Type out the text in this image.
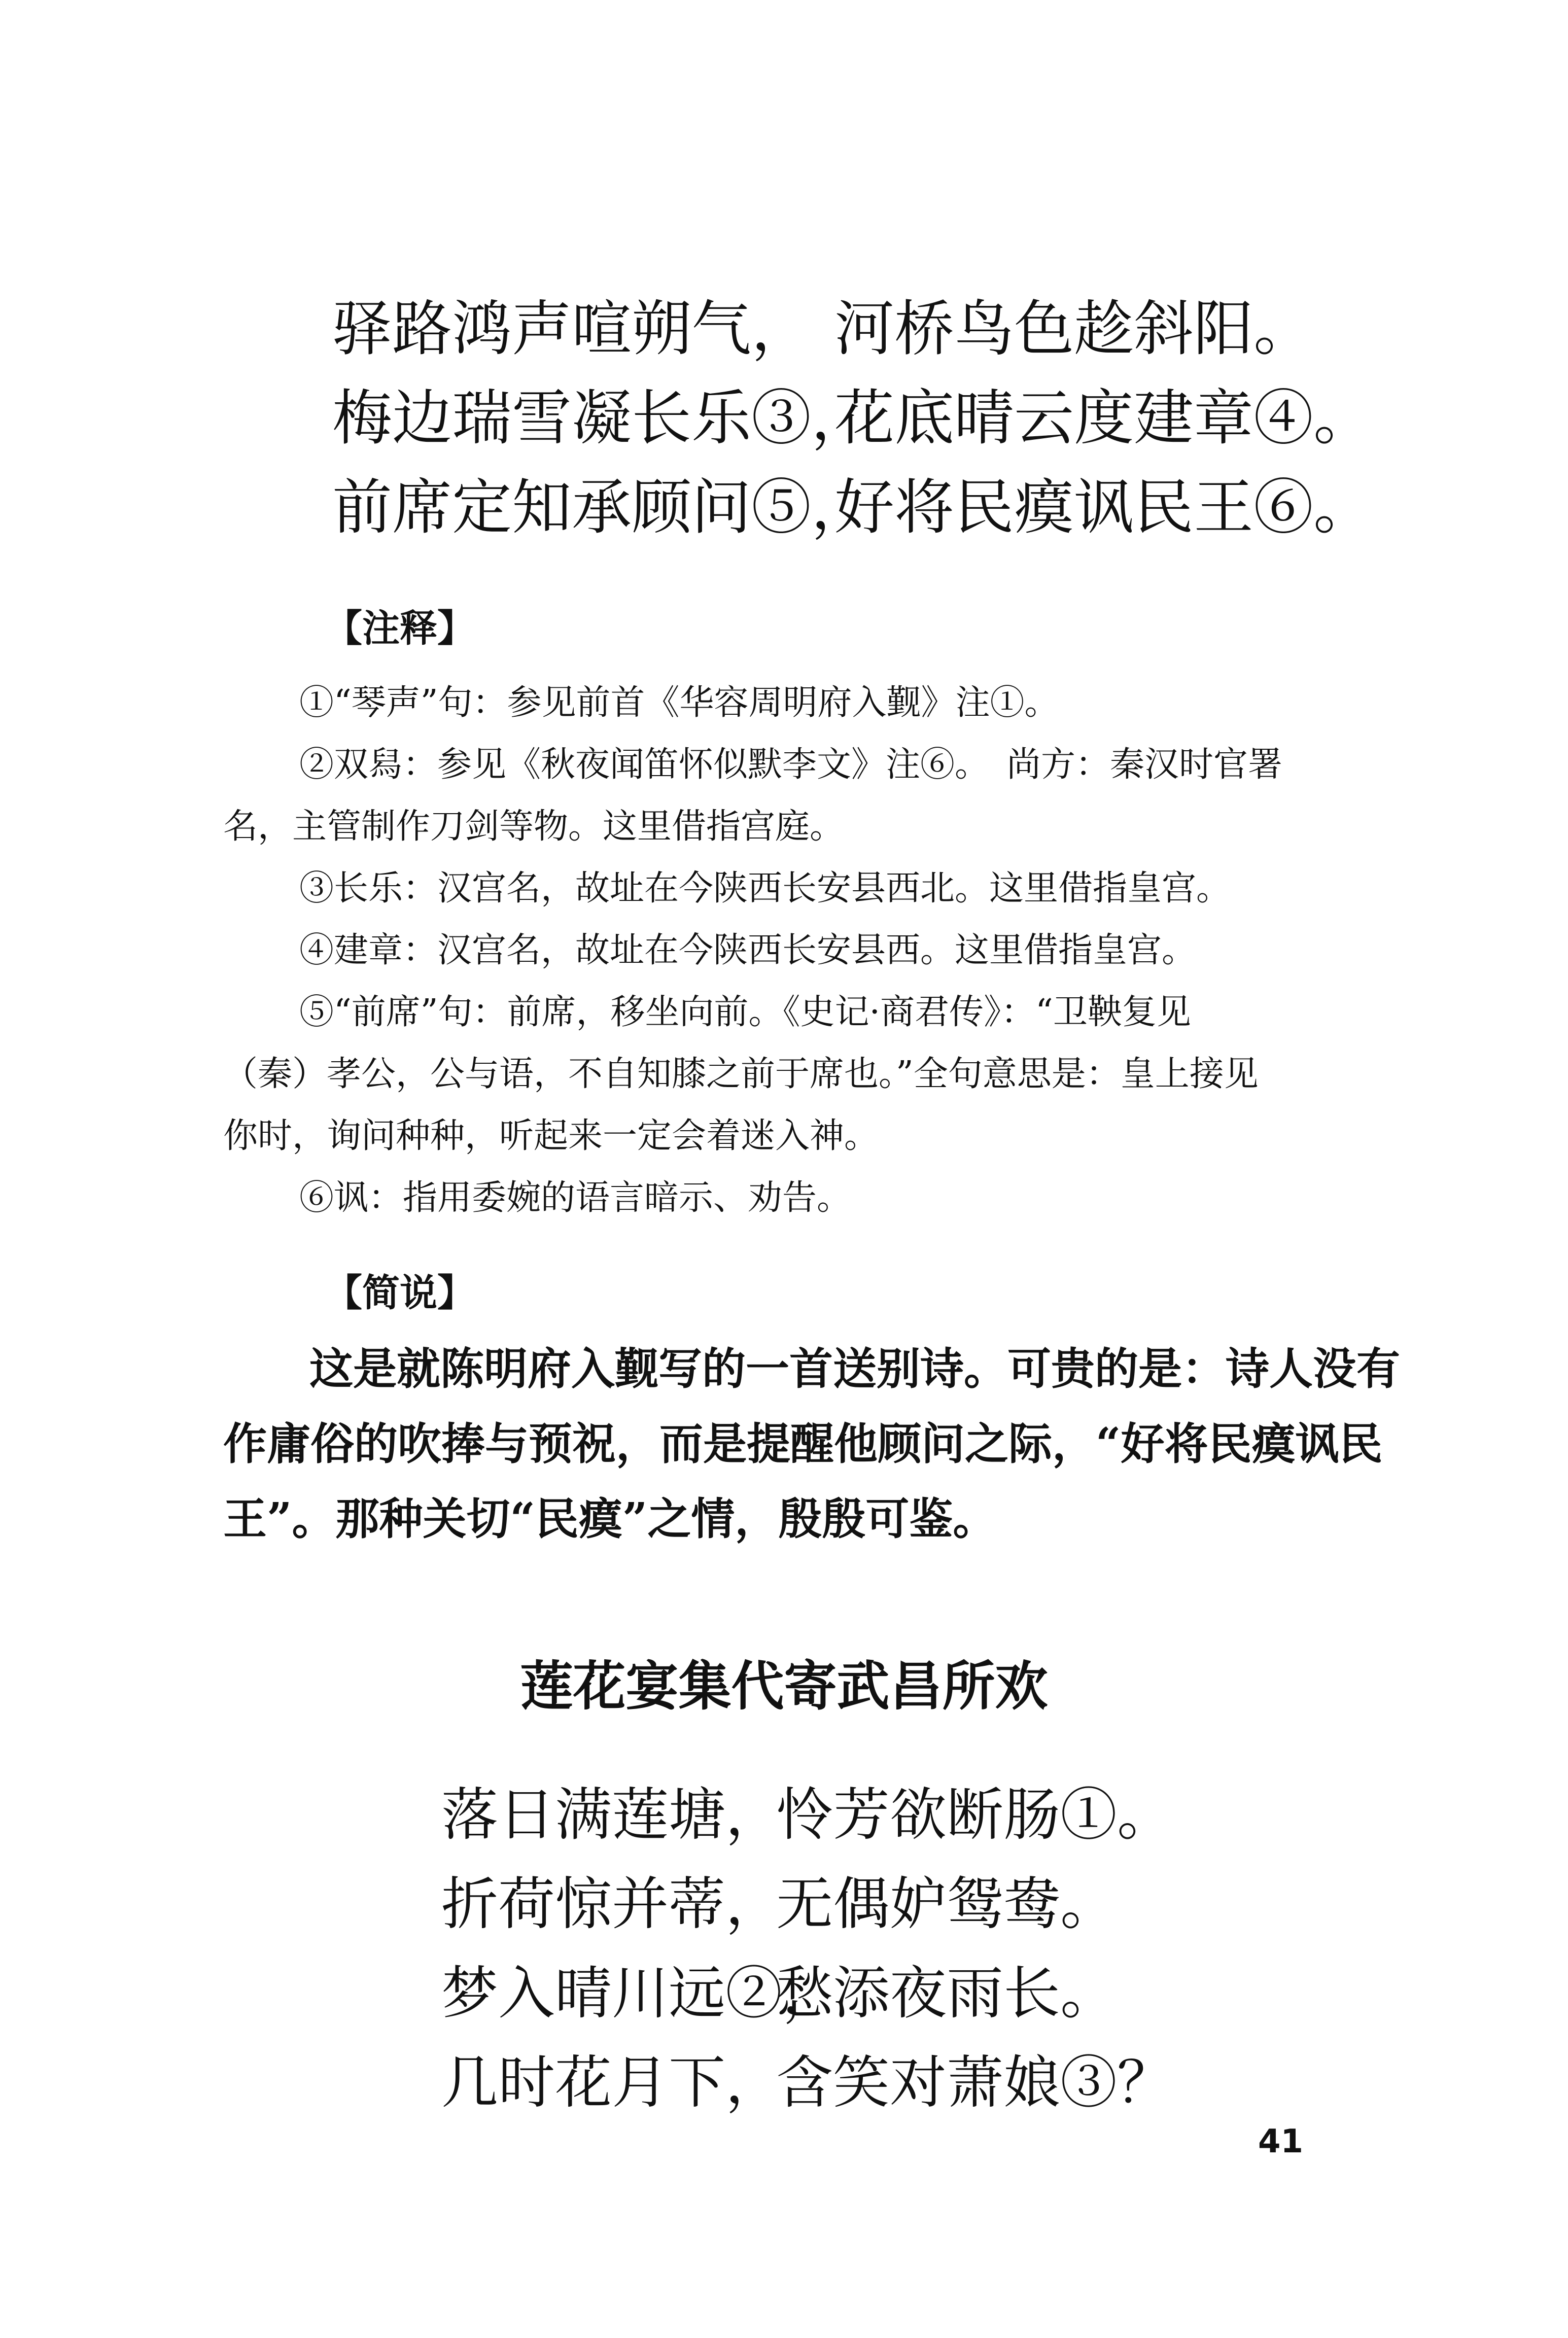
驿路鸿声喧朔气， 河桥鸟色趁斜阳。
梅边瑞雪凝长乐③，
花底晴云度建章④。
前席定知承顾问⑤，
好将民瘼讽民王⑥。
【注释】
①“琴声”句：参见前首《华容周明府入觐》注①。
②双舄：参见《秋夜闻笛怀似默李文》注⑥。　尚方：秦汉时官署
名，主管制作刀剑等物。这里借指宫庭。
③长乐：汉宫名，故址在今陕西长安县西北。这里借指皇宫。
④建章：汉宫名，故址在今陕西长安县西。这里借指皇宫。
⑤“前席”句：前席，移坐向前。《史记·商君传》：“卫鞅复见
（秦）孝公，公与语，不自知膝之前于席也。”全句意思是：皇上接见
你时，询问种种，听起来一定会着迷入神。
⑥讽：指用委婉的语言暗示、劝告。
【简说】

这是就陈明府入觐写的一首送别诗。可贵的是：诗人没有

作庸俗的吹捧与预祝，而是提醒他顾问之际，“好将民瘼讽民

王”。那种关切“民瘼”之情，殷殷可鉴。

莲花宴集代寄武昌所欢
落日满莲塘，
怜芳欲断肠①。
折荷惊并蒂，
无偶妒鸳鸯。
梦入晴川远②，
愁添夜雨长。
几时花月下，
含笑对萧娘③？
41
